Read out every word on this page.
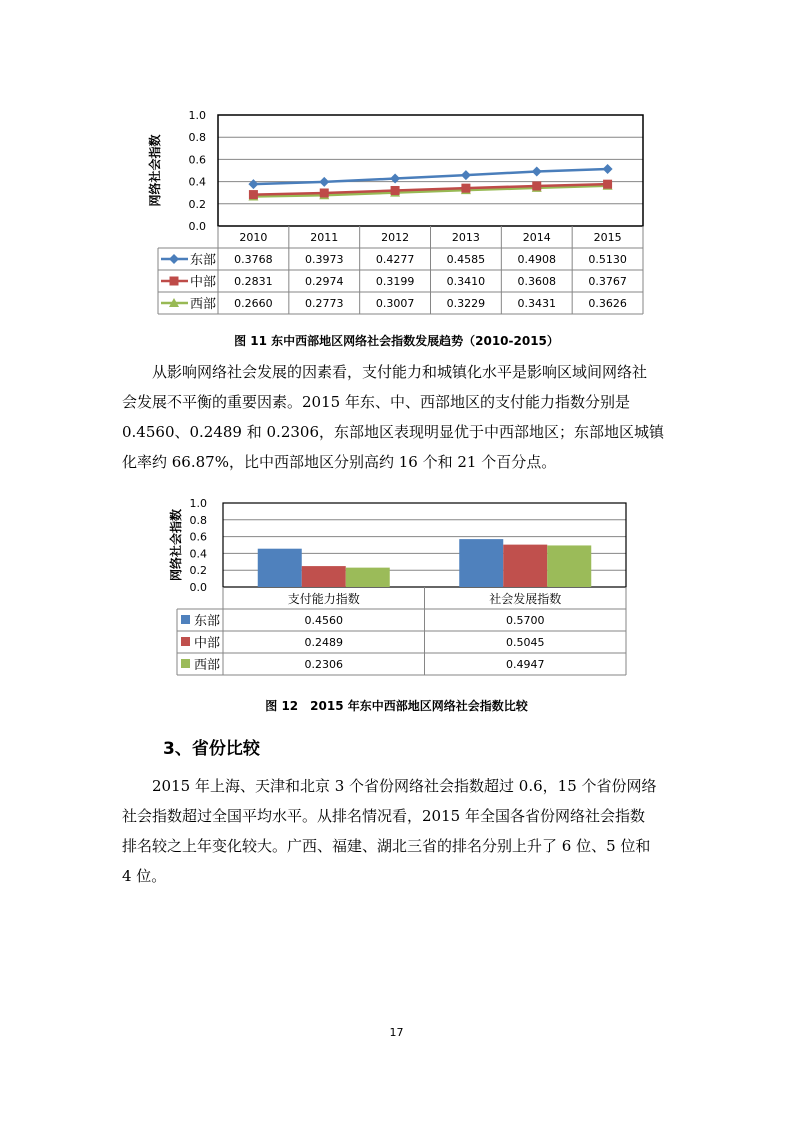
1.0
0.8
0.6
0.4
0.2
0.0
网络社会指数
2010	2011	2012	2013	2014	2015
东部 0.3768	0.3973	0.4277	0.4585	0.4908	0.5130
中部 0.2831	0.2974	0.3199	0.3410	0.3608	0.3767
西部 0.2660	0.2773	0.3007	0.3229	0.3431	0.3626
图 11 东中西部地区网络社会指数发展趋势（2010-2015）
从影响网络社会发展的因素看，支付能力和城镇化水平是影响区域间网络社
会发展不平衡的重要因素。2015 年东、中、西部地区的支付能力指数分别是
0.4560、0.2489 和 0.2306，东部地区表现明显优于中西部地区；东部地区城镇
化率约 66.87%，比中西部地区分别高约 16 个和 21 个百分点。
1.0
0.8
0.6
0.4
0.2
0.0
网络社会指数
支付能力指数	社会发展指数
东部	0.4560	0.5700
中部	0.2489	0.5045
西部	0.2306	0.4947
图 12　2015 年东中西部地区网络社会指数比较
3、省份比较
2015 年上海、天津和北京 3 个省份网络社会指数超过 0.6，15 个省份网络
社会指数超过全国平均水平。从排名情况看，2015 年全国各省份网络社会指数
排名较之上年变化较大。广西、福建、湖北三省的排名分别上升了 6 位、5 位和
4 位。
17
